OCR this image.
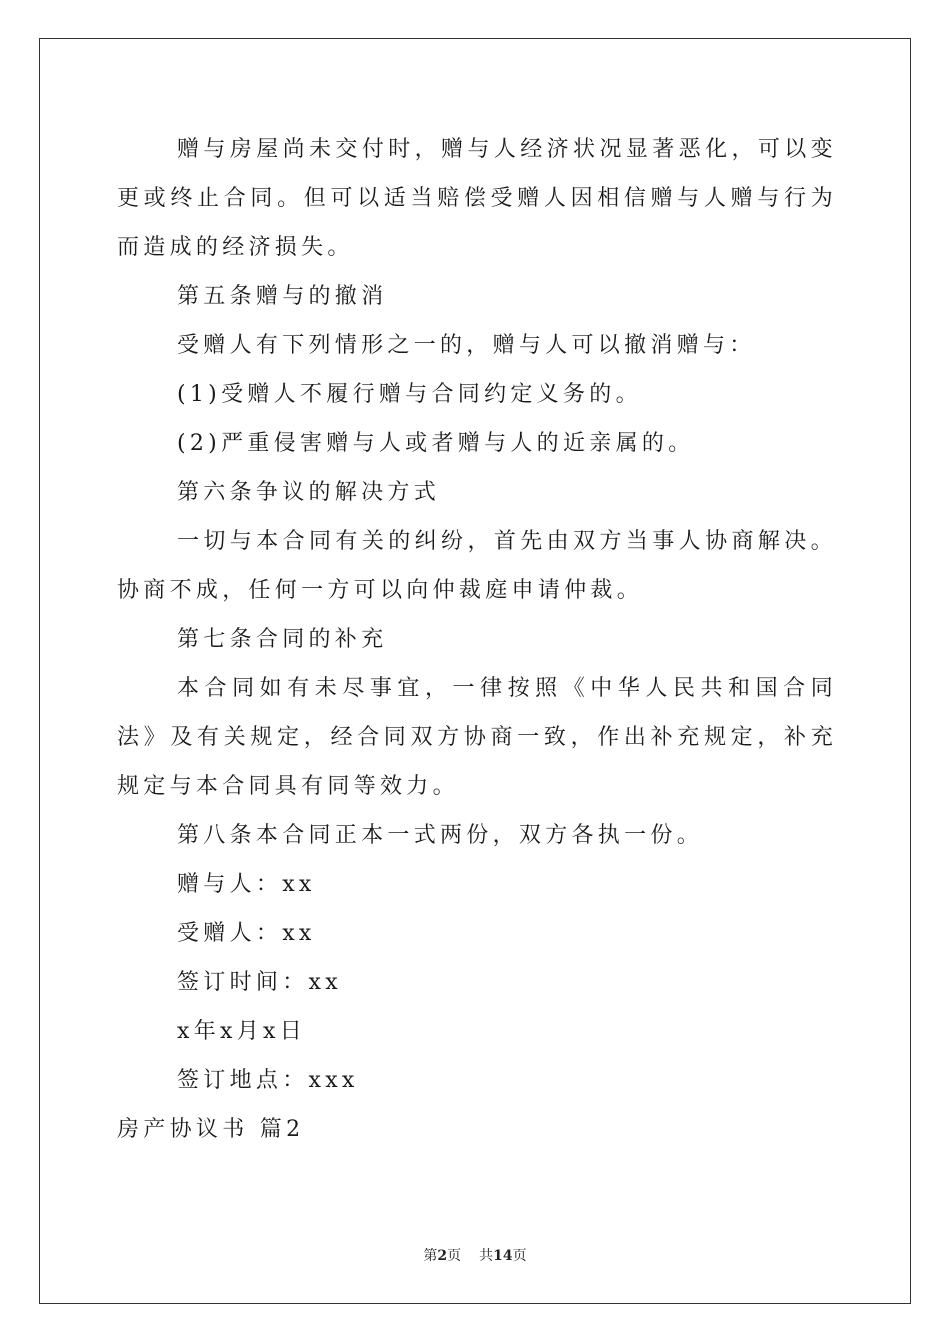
赠与房屋尚未交付时，赠与人经济状况显著恶化，可以变更或终止合同。但可以适当赔偿受赠人因相信赠与人赠与行为而造成的经济损失。

第五条赠与的撤消

受赠人有下列情形之一的，赠与人可以撤消赠与：

(1)受赠人不履行赠与合同约定义务的。

(2)严重侵害赠与人或者赠与人的近亲属的。

第六条争议的解决方式

一切与本合同有关的纠纷，首先由双方当事人协商解决。协商不成，任何一方可以向仲裁庭申请仲裁。

第七条合同的补充

本合同如有未尽事宜，一律按照《中华人民共和国合同法》及有关规定，经合同双方协商一致，作出补充规定，补充规定与本合同具有同等效力。

第八条本合同正本一式两份，双方各执一份。

赠与人：xx

受赠人：xx

签订时间：xx

x年x月x日

签订地点：xxx

房产协议书 篇2

第2页 共14页
